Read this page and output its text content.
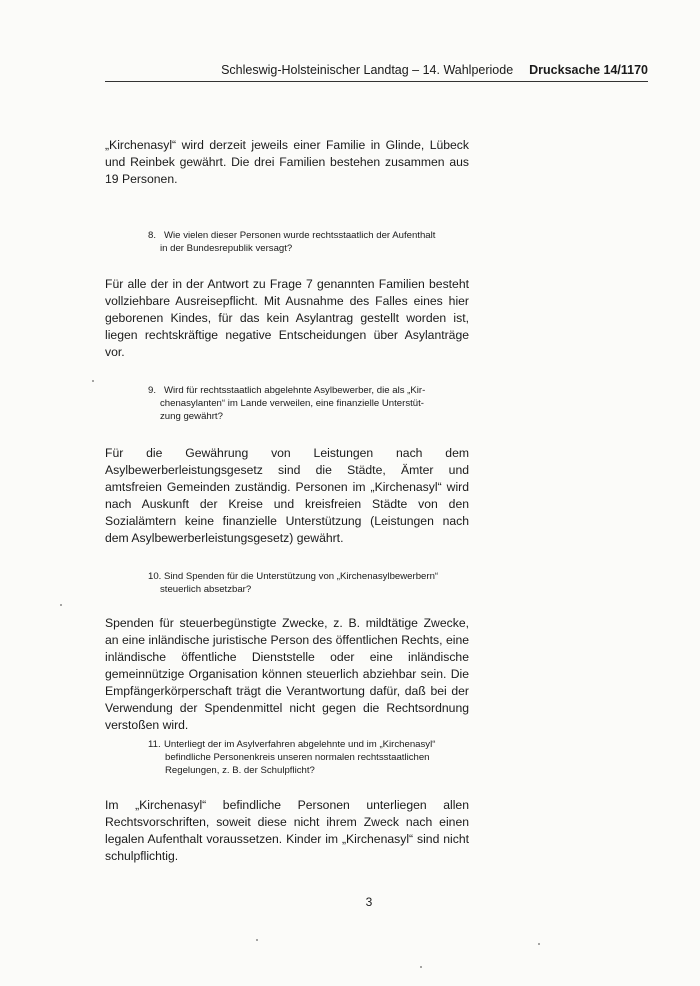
Schleswig-Holsteinischer Landtag – 14. Wahlperiode Drucksache 14/1170
„Kirchenasyl“ wird derzeit jeweils einer Familie in Glinde, Lübeck und Reinbek gewährt. Die drei Familien bestehen zusammen aus 19 Personen.
8. Wie vielen dieser Personen wurde rechtsstaatlich der Aufenthalt
in der Bundesrepublik versagt?
Für alle der in der Antwort zu Frage 7 genannten Familien besteht vollziehbare Ausreisepflicht. Mit Ausnahme des Falles eines hier geborenen Kindes, für das kein Asylantrag gestellt worden ist, liegen rechtskräftige negative Entscheidungen über Asylanträge vor.
9. Wird für rechtsstaatlich abgelehnte Asylbewerber, die als „Kir-
chenasylanten“ im Lande verweilen, eine finanzielle Unterstüt-
zung gewährt?
Für die Gewährung von Leistungen nach dem Asylbewerberleistungsgesetz sind die Städte, Ämter und amtsfreien Gemeinden zuständig. Personen im „Kirchenasyl“ wird nach Auskunft der Kreise und kreisfreien Städte von den Sozialämtern keine finanzielle Unterstützung (Leistungen nach dem Asylbewerberleistungsgesetz) gewährt.
10. Sind Spenden für die Unterstützung von „Kirchenasylbewerbern“
steuerlich absetzbar?
Spenden für steuerbegünstigte Zwecke, z. B. mildtätige Zwecke, an eine inländische juristische Person des öffentlichen Rechts, eine inländische öffentliche Dienststelle oder eine inländische gemeinnützige Organisation können steuerlich abziehbar sein. Die Empfängerkörperschaft trägt die Verantwortung dafür, daß bei der Verwendung der Spendenmittel nicht gegen die Rechtsordnung verstoßen wird.
11. Unterliegt der im Asylverfahren abgelehnte und im „Kirchenasyl“
befindliche Personenkreis unseren normalen rechtsstaatlichen
Regelungen, z. B. der Schulpflicht?
Im „Kirchenasyl“ befindliche Personen unterliegen allen Rechtsvorschriften, soweit diese nicht ihrem Zweck nach einen legalen Aufenthalt voraussetzen. Kinder im „Kirchenasyl“ sind nicht schulpflichtig.
3
